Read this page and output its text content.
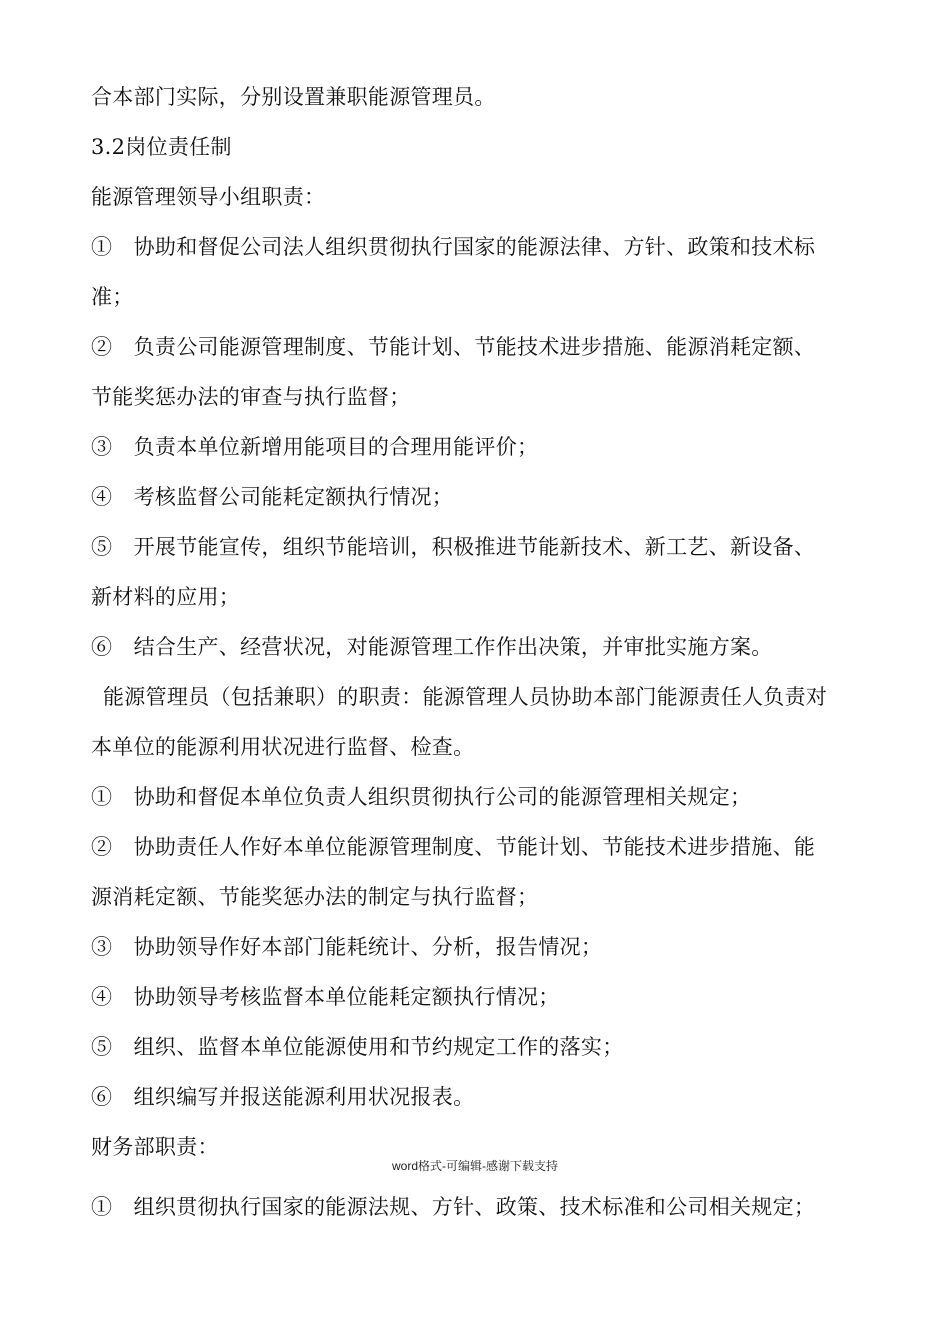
合本部门实际，分别设置兼职能源管理员。
3.2岗位责任制
能源管理领导小组职责：
①　协助和督促公司法人组织贯彻执行国家的能源法律、方针、政策和技术标
准；
②　负责公司能源管理制度、节能计划、节能技术进步措施、能源消耗定额、
节能奖惩办法的审查与执行监督；
③　负责本单位新增用能项目的合理用能评价；
④　考核监督公司能耗定额执行情况；
⑤　开展节能宣传，组织节能培训，积极推进节能新技术、新工艺、新设备、
新材料的应用；
⑥　结合生产、经营状况，对能源管理工作作出决策，并审批实施方案。
能源管理员（包括兼职）的职责：能源管理人员协助本部门能源责任人负责对
本单位的能源利用状况进行监督、检查。
①　协助和督促本单位负责人组织贯彻执行公司的能源管理相关规定；
②　协助责任人作好本单位能源管理制度、节能计划、节能技术进步措施、能
源消耗定额、节能奖惩办法的制定与执行监督；
③　协助领导作好本部门能耗统计、分析，报告情况；
④　协助领导考核监督本单位能耗定额执行情况；
⑤　组织、监督本单位能源使用和节约规定工作的落实；
⑥　组织编写并报送能源利用状况报表。
财务部职责：
word格式-可编辑-感谢下载支持
①　组织贯彻执行国家的能源法规、方针、政策、技术标准和公司相关规定；
